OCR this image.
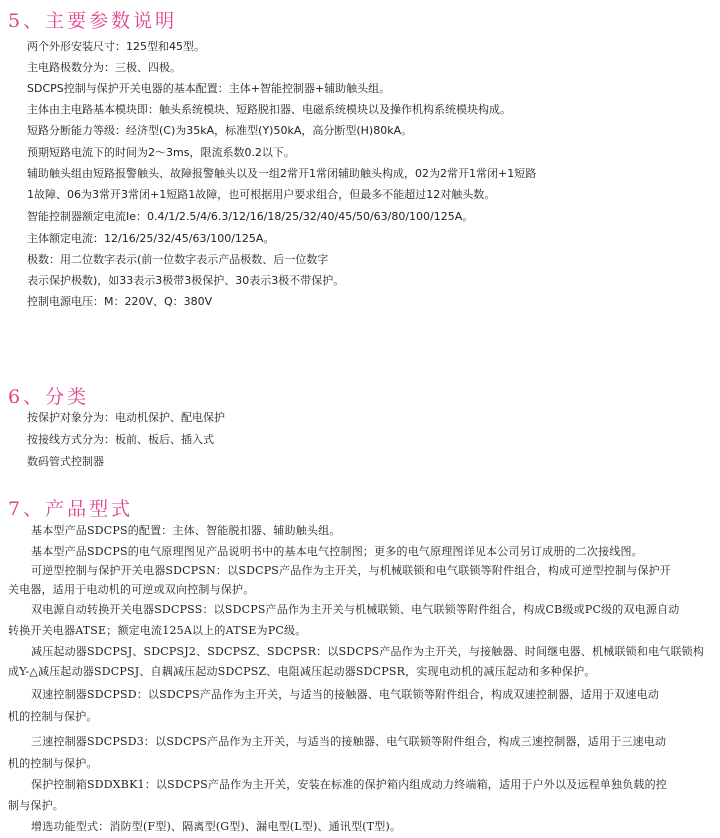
5、主要参数说明
两个外形安装尺寸：125型和45型。
主电路极数分为：三极、四极。
SDCPS控制与保护开关电器的基本配置：主体+智能控制器+辅助触头组。
主体由主电路基本模块即：触头系统模块、短路脱扣器、电磁系统模块以及操作机构系统模块构成。
短路分断能力等级：经济型(C)为35kA，标准型(Y)50kA，高分断型(H)80kA。
预期短路电流下的时间为2～3ms，限流系数0.2以下。
辅助触头组由短路报警触头、故障报警触头以及一组2常开1常闭辅助触头构成，02为2常开1常闭+1短路
1故障、06为3常开3常闭+1短路1故障，也可根据用户要求组合，但最多不能超过12对触头数。
智能控制器额定电流Ie：0.4/1/2.5/4/6.3/12/16/18/25/32/40/45/50/63/80/100/125A。
主体额定电流：12/16/25/32/45/63/100/125A。
极数：用二位数字表示(前一位数字表示产品极数、后一位数字
表示保护极数)，如33表示3极带3极保护、30表示3极不带保护。
控制电源电压：M：220V、Q：380V
6、分类
按保护对象分为：电动机保护、配电保护
按接线方式分为：板前、板后、插入式
数码管式控制器
7、产品型式
基本型产品SDCPS的配置：主体、智能脱扣器、辅助触头组。
基本型产品SDCPS的电气原理图见产品说明书中的基本电气控制图；更多的电气原理图详见本公司另订成册的二次接线图。
可逆型控制与保护开关电器SDCPSN：以SDCPS产品作为主开关，与机械联锁和电气联锁等附件组合，构成可逆型控制与保护开
关电器，适用于电动机的可逆或双向控制与保护。
双电源自动转换开关电器SDCPSS：以SDCPS产品作为主开关与机械联锁、电气联锁等附件组合，构成CB级或PC级的双电源自动
转换开关电器ATSE；额定电流125A以上的ATSE为PC级。
减压起动器SDCPSJ、SDCPSJ2、SDCPSZ、SDCPSR：以SDCPS产品作为主开关，与接触器、时间继电器、机械联锁和电气联锁构
成Y-△减压起动器SDCPSJ、自耦减压起动SDCPSZ、电阻减压起动器SDCPSR，实现电动机的减压起动和多种保护。
双速控制器SDCPSD：以SDCPS产品作为主开关，与适当的接触器、电气联锁等附件组合，构成双速控制器，适用于双速电动
机的控制与保护。
三速控制器SDCPSD3：以SDCPS产品作为主开关，与适当的接触器、电气联锁等附件组合，构成三速控制器，适用于三速电动
机的控制与保护。
保护控制箱SDDXBK1：以SDCPS产品作为主开关，安装在标准的保护箱内组成动力终端箱，适用于户外以及远程单独负载的控
制与保护。
增选功能型式：消防型(F型)、隔离型(G型)、漏电型(L型)、通讯型(T型)。
